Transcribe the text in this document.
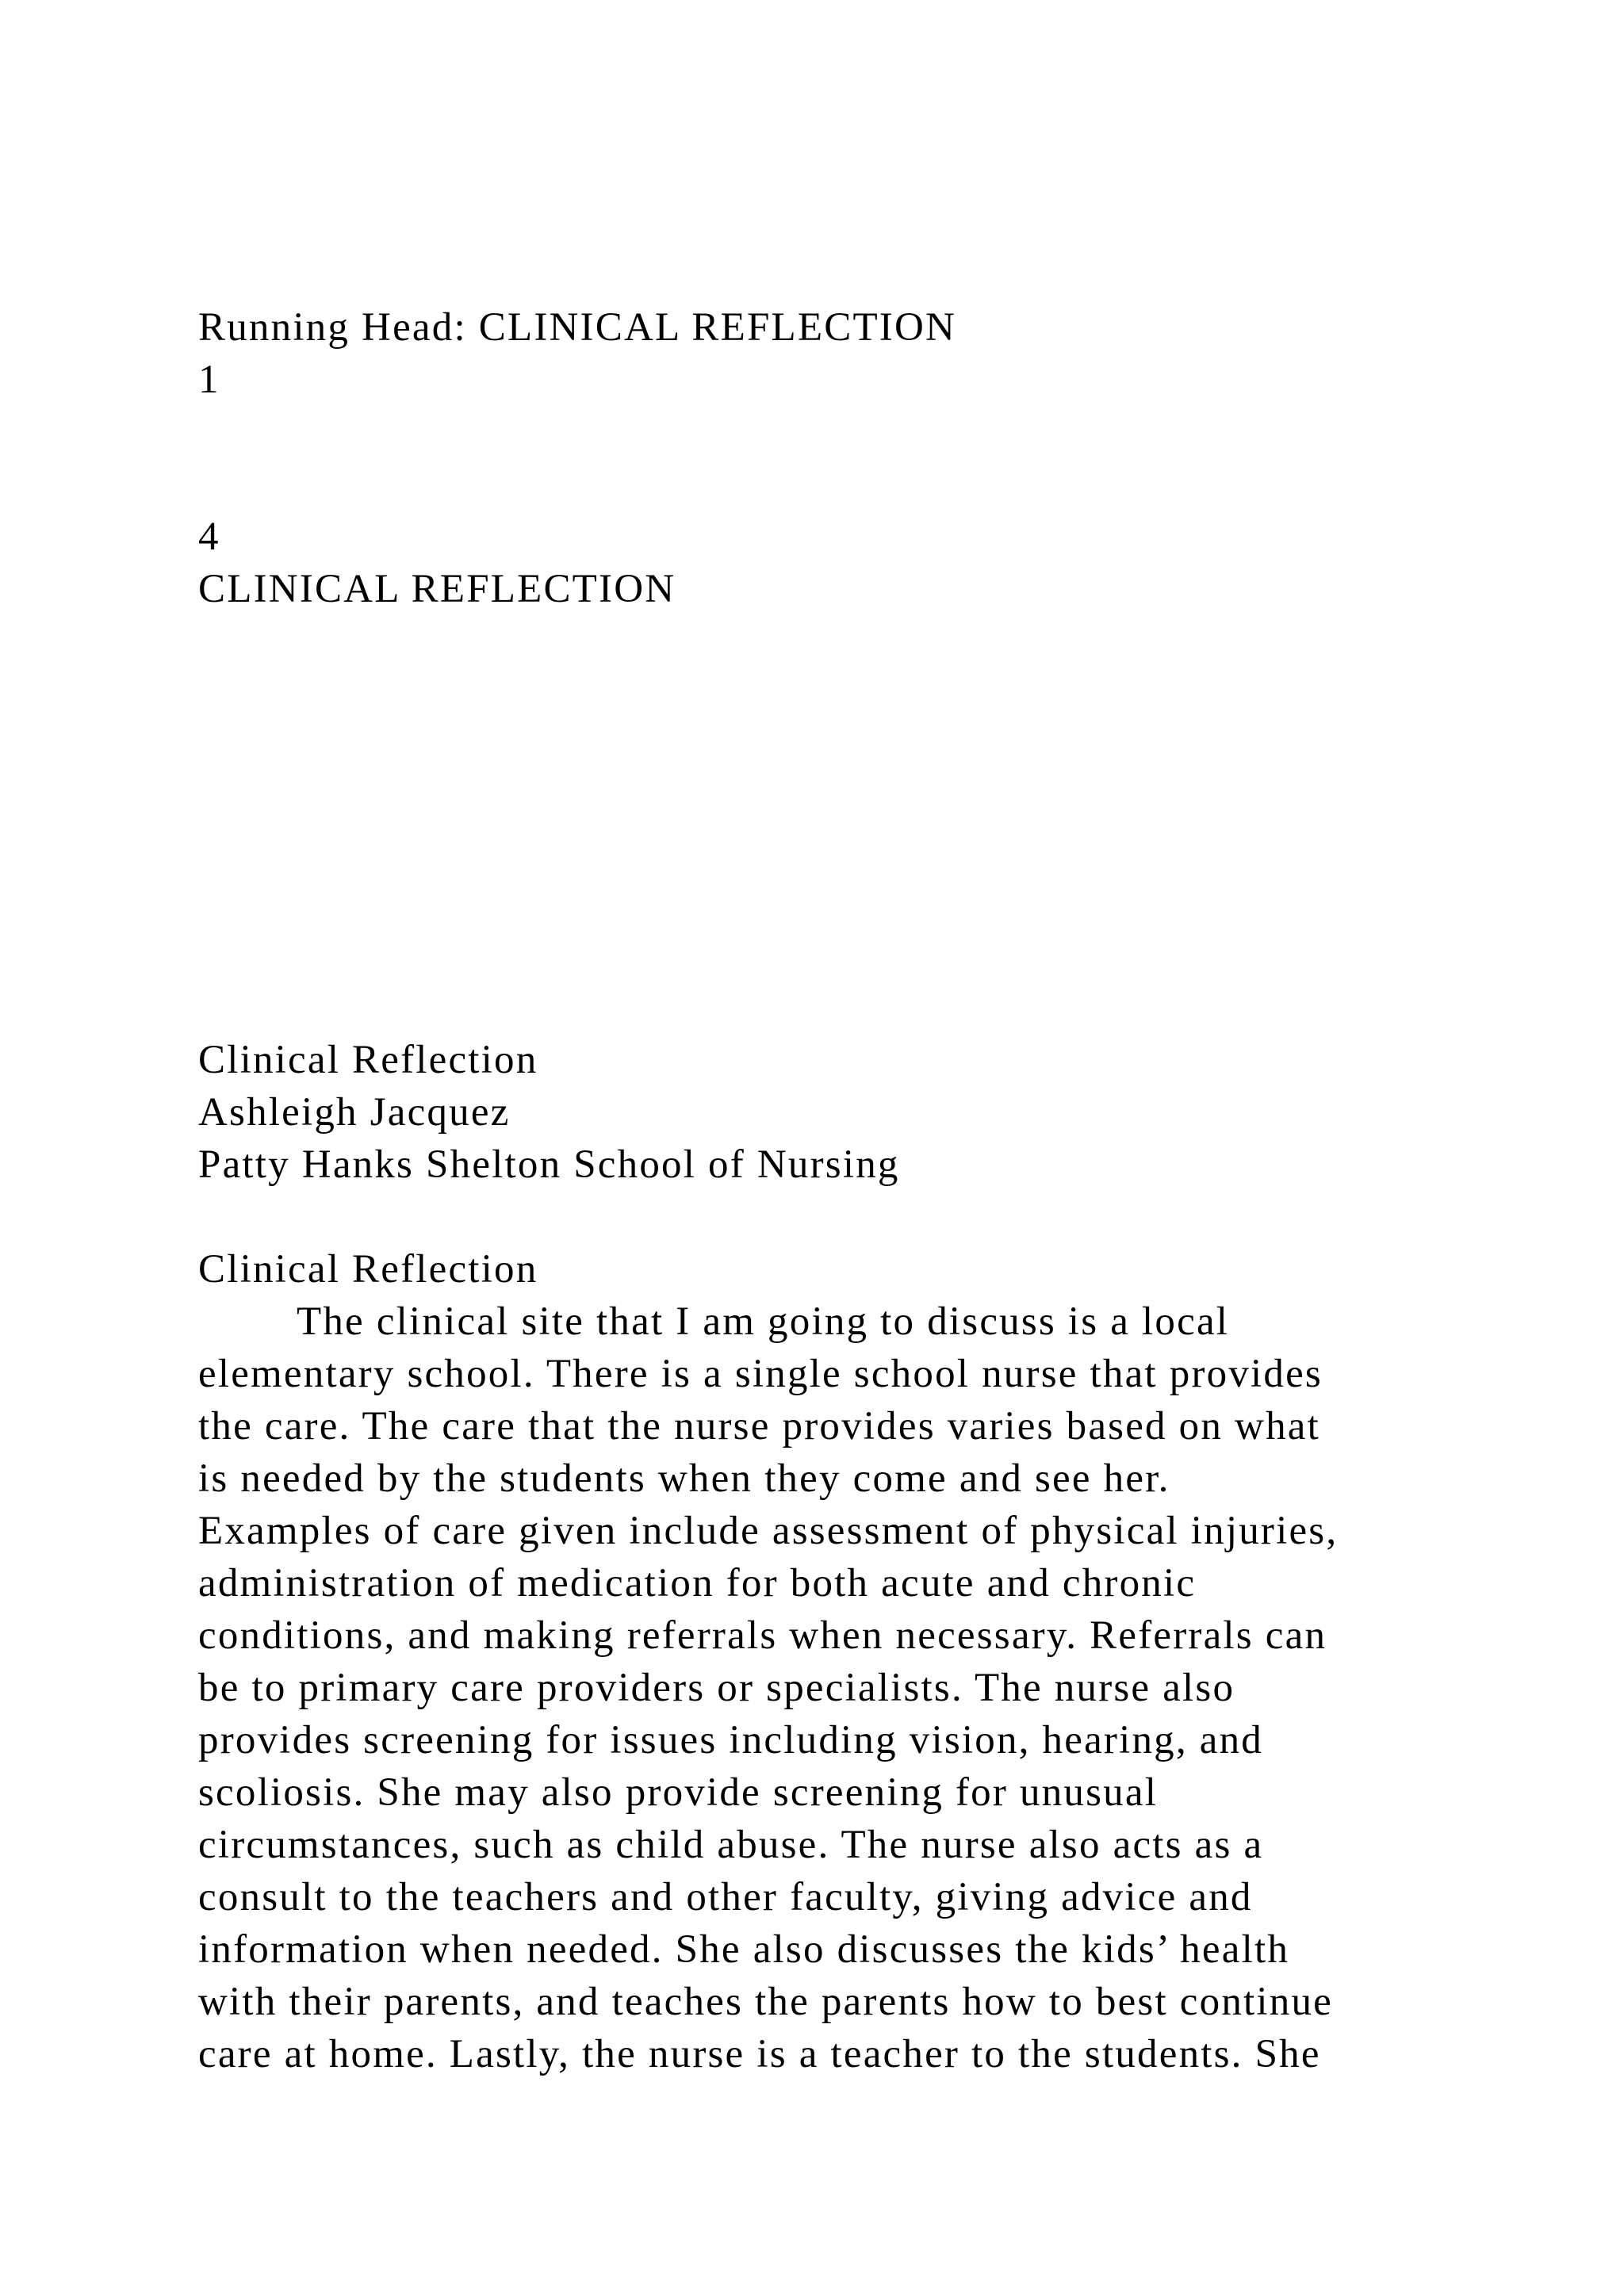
Running Head: CLINICAL REFLECTION

1

4

CLINICAL REFLECTION

Clinical Reflection

Ashleigh Jacquez

Patty Hanks Shelton School of Nursing

Clinical Reflection

The clinical site that I am going to discuss is a local

elementary school. There is a single school nurse that provides

the care. The care that the nurse provides varies based on what

is needed by the students when they come and see her.

Examples of care given include assessment of physical injuries,

administration of medication for both acute and chronic

conditions, and making referrals when necessary. Referrals can

be to primary care providers or specialists. The nurse also

provides screening for issues including vision, hearing, and

scoliosis. She may also provide screening for unusual

circumstances, such as child abuse. The nurse also acts as a

consult to the teachers and other faculty, giving advice and

information when needed. She also discusses the kids’ health

with their parents, and teaches the parents how to best continue

care at home. Lastly, the nurse is a teacher to the students. She
